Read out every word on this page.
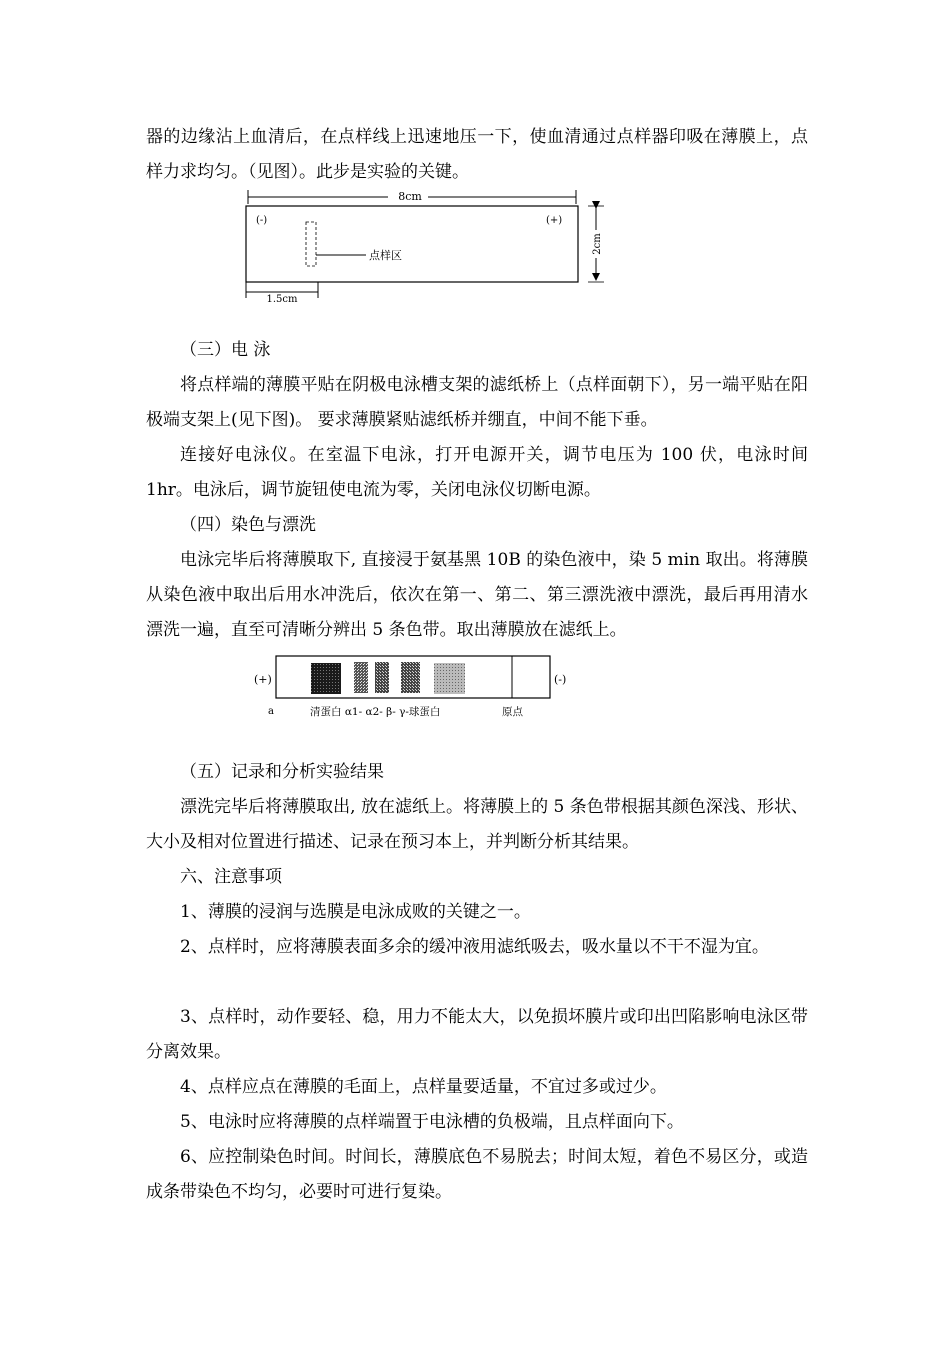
器的边缘沾上血清后，在点样线上迅速地压一下，使血清通过点样器印吸在薄膜上，点样力求均匀。（见图）。此步是实验的关键。

8cm
(-)	(+)
点样区
2cm
1.5cm
（三）电 泳

将点样端的薄膜平贴在阴极电泳槽支架的滤纸桥上（点样面朝下），另一端平贴在阳极端支架上(见下图)。 要求薄膜紧贴滤纸桥并绷直，中间不能下垂。

连接好电泳仪。在室温下电泳，打开电源开关，调节电压为 100 伏，电泳时间 1hr。电泳后，调节旋钮使电流为零，关闭电泳仪切断电源。

（四）染色与漂洗

电泳完毕后将薄膜取下, 直接浸于氨基黑 10B 的染色液中，染 5 min 取出。将薄膜从染色液中取出后用水冲洗后，依次在第一、第二、第三漂洗液中漂洗，最后再用清水漂洗一遍，直至可清晰分辨出 5 条色带。取出薄膜放在滤纸上。

(+)	(-)
a	清蛋白 α1- α2- β- γ-球蛋白	原点
（五）记录和分析实验结果

漂洗完毕后将薄膜取出, 放在滤纸上。将薄膜上的 5 条色带根据其颜色深浅、形状、大小及相对位置进行描述、记录在预习本上，并判断分析其结果。

六、注意事项

1、薄膜的浸润与选膜是电泳成败的关键之一。

2、点样时，应将薄膜表面多余的缓冲液用滤纸吸去，吸水量以不干不湿为宜。

3、点样时，动作要轻、稳，用力不能太大，以免损坏膜片或印出凹陷影响电泳区带分离效果。

4、点样应点在薄膜的毛面上，点样量要适量，不宜过多或过少。

5、电泳时应将薄膜的点样端置于电泳槽的负极端，且点样面向下。

6、应控制染色时间。时间长，薄膜底色不易脱去；时间太短，着色不易区分，或造成条带染色不均匀，必要时可进行复染。
